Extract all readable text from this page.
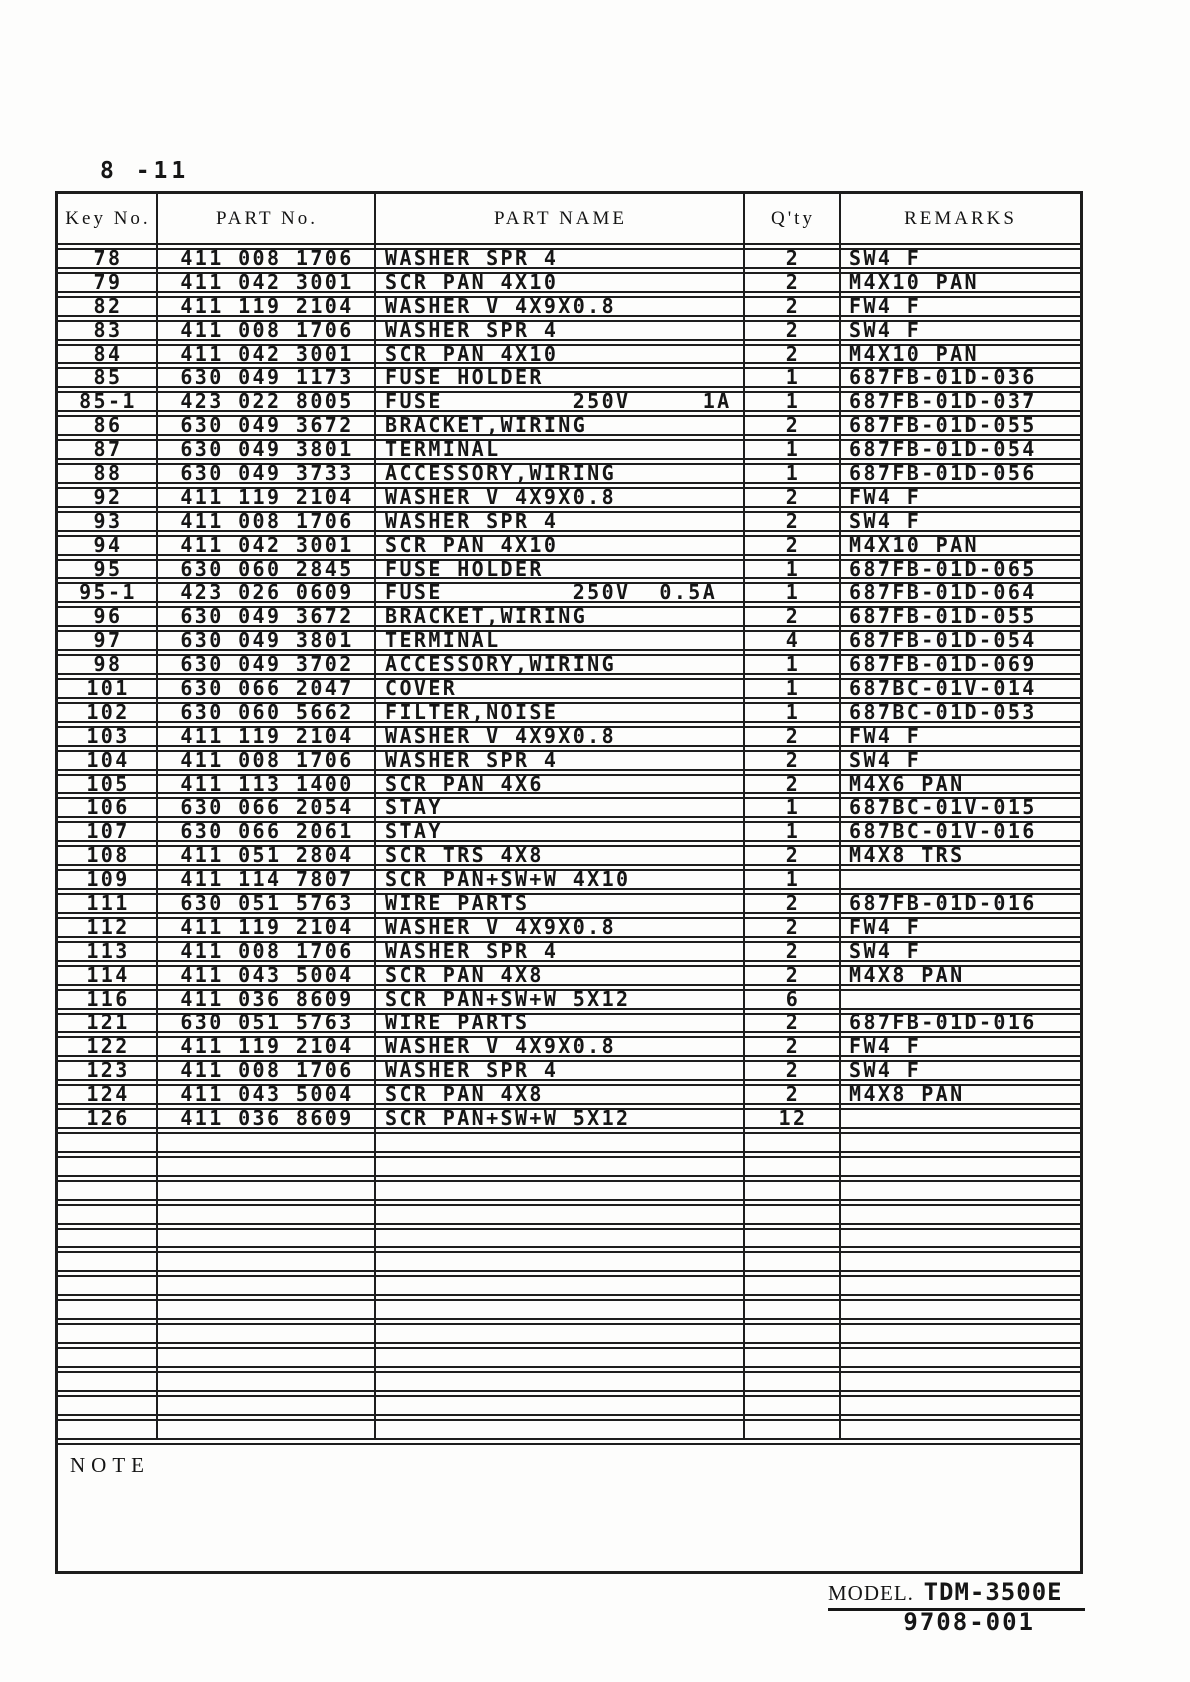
8 -11
Key No.	PART No.	PART NAME	Q'ty	REMARKS
78	411 008 1706	WASHER SPR 4	2	SW4 F
79	411 042 3001	SCR PAN 4X10	2	M4X10 PAN
82	411 119 2104	WASHER V 4X9X0.8	2	FW4 F
83	411 008 1706	WASHER SPR 4	2	SW4 F
84	411 042 3001	SCR PAN 4X10	2	M4X10 PAN
85	630 049 1173	FUSE HOLDER	1	687FB-01D-036
85-1	423 022 8005	FUSE         250V     1A	1	687FB-01D-037
86	630 049 3672	BRACKET,WIRING	2	687FB-01D-055
87	630 049 3801	TERMINAL	1	687FB-01D-054
88	630 049 3733	ACCESSORY,WIRING	1	687FB-01D-056
92	411 119 2104	WASHER V 4X9X0.8	2	FW4 F
93	411 008 1706	WASHER SPR 4	2	SW4 F
94	411 042 3001	SCR PAN 4X10	2	M4X10 PAN
95	630 060 2845	FUSE HOLDER	1	687FB-01D-065
95-1	423 026 0609	FUSE         250V  0.5A	1	687FB-01D-064
96	630 049 3672	BRACKET,WIRING	2	687FB-01D-055
97	630 049 3801	TERMINAL	4	687FB-01D-054
98	630 049 3702	ACCESSORY,WIRING	1	687FB-01D-069
101	630 066 2047	COVER	1	687BC-01V-014
102	630 060 5662	FILTER,NOISE	1	687BC-01D-053
103	411 119 2104	WASHER V 4X9X0.8	2	FW4 F
104	411 008 1706	WASHER SPR 4	2	SW4 F
105	411 113 1400	SCR PAN 4X6	2	M4X6 PAN
106	630 066 2054	STAY	1	687BC-01V-015
107	630 066 2061	STAY	1	687BC-01V-016
108	411 051 2804	SCR TRS 4X8	2	M4X8 TRS
109	411 114 7807	SCR PAN+SW+W 4X10	1
111	630 051 5763	WIRE PARTS	2	687FB-01D-016
112	411 119 2104	WASHER V 4X9X0.8	2	FW4 F
113	411 008 1706	WASHER SPR 4	2	SW4 F
114	411 043 5004	SCR PAN 4X8	2	M4X8 PAN
116	411 036 8609	SCR PAN+SW+W 5X12	6
121	630 051 5763	WIRE PARTS	2	687FB-01D-016
122	411 119 2104	WASHER V 4X9X0.8	2	FW4 F
123	411 008 1706	WASHER SPR 4	2	SW4 F
124	411 043 5004	SCR PAN 4X8	2	M4X8 PAN
126	411 036 8609	SCR PAN+SW+W 5X12	12
NOTE
MODEL. TDM-3500E
9708-001
